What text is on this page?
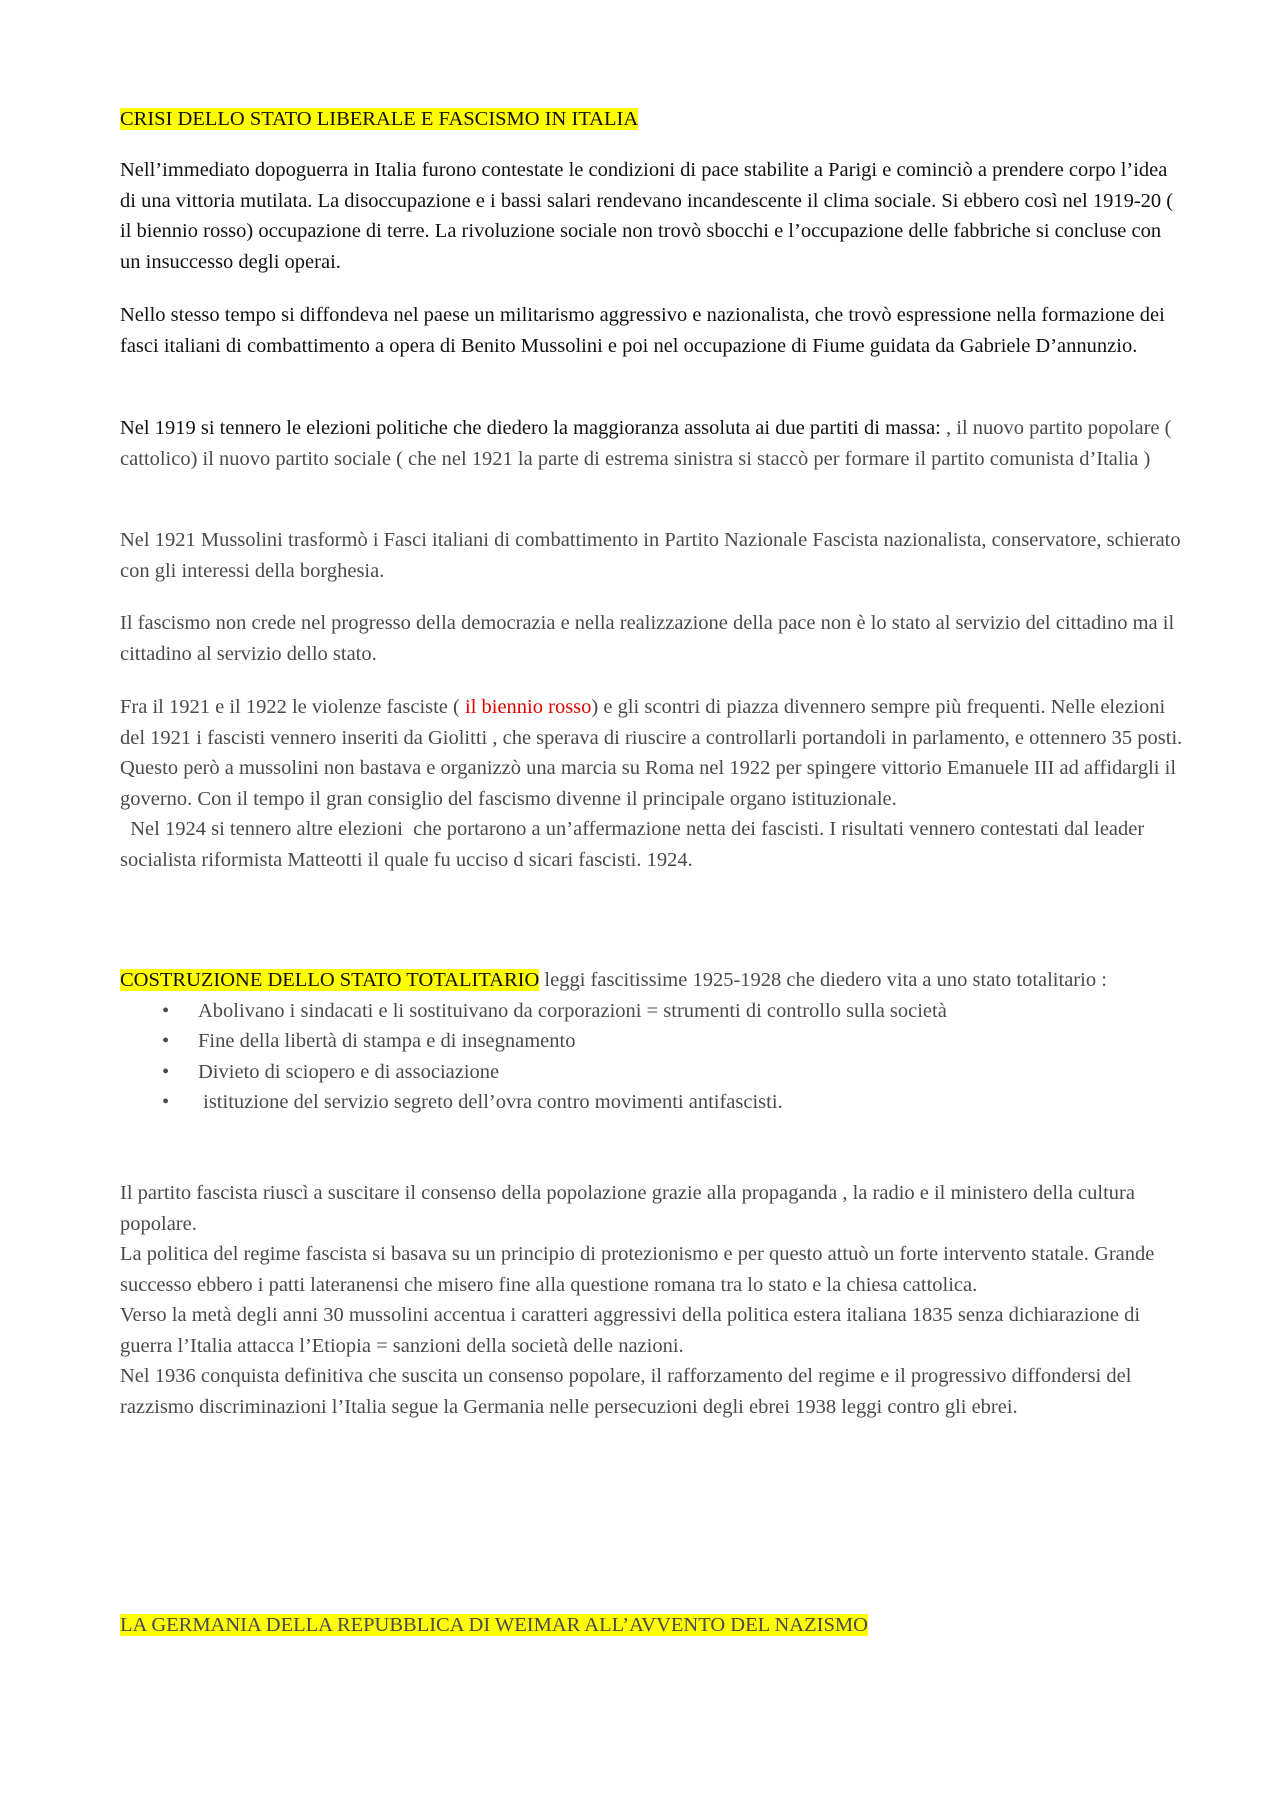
CRISI DELLO STATO LIBERALE E FASCISMO IN ITALIA

Nell’immediato dopoguerra in Italia furono contestate le condizioni di pace stabilite a Parigi e cominciò a prendere corpo l’idea di una vittoria mutilata. La disoccupazione e i bassi salari rendevano incandescente il clima sociale. Si ebbero così nel 1919-20 ( il biennio rosso) occupazione di terre. La rivoluzione sociale non trovò sbocchi e l’occupazione delle fabbriche si concluse con un insuccesso degli operai.

Nello stesso tempo si diffondeva nel paese un militarismo aggressivo e nazionalista, che trovò espressione nella formazione dei fasci italiani di combattimento a opera di Benito Mussolini e poi nel occupazione di Fiume guidata da Gabriele D’annunzio.

Nel 1919 si tennero le elezioni politiche che diedero la maggioranza assoluta ai due partiti di massa: , il nuovo partito popolare ( cattolico) il nuovo partito sociale ( che nel 1921 la parte di estrema sinistra si staccò per formare il partito comunista d’Italia )

Nel 1921 Mussolini trasformò i Fasci italiani di combattimento in Partito Nazionale Fascista nazionalista, conservatore, schierato con gli interessi della borghesia.

Il fascismo non crede nel progresso della democrazia e nella realizzazione della pace non è lo stato al servizio del cittadino ma il cittadino al servizio dello stato.

Fra il 1921 e il 1922 le violenze fasciste ( il biennio rosso) e gli scontri di piazza divennero sempre più frequenti. Nelle elezioni del 1921 i fascisti vennero inseriti da Giolitti , che sperava di riuscire a controllarli portandoli in parlamento, e ottennero 35 posti.
Questo però a mussolini non bastava e organizzò una marcia su Roma nel 1922 per spingere vittorio Emanuele III ad affidargli il governo. Con il tempo il gran consiglio del fascismo divenne il principale organo istituzionale.
Nel 1924 si tennero altre elezioni  che portarono a un’affermazione netta dei fascisti. I risultati vennero contestati dal leader socialista riformista Matteotti il quale fu ucciso d sicari fascisti. 1924.
COSTRUZIONE DELLO STATO TOTALITARIO leggi fascitissime 1925-1928 che diedero vita a uno stato totalitario :
• Abolivano i sindacati e li sostituivano da corporazioni = strumenti di controllo sulla società
• Fine della libertà di stampa e di insegnamento
• Divieto di sciopero e di associazione
•  istituzione del servizio segreto dell’ovra contro movimenti antifascisti.
Il partito fascista riuscì a suscitare il consenso della popolazione grazie alla propaganda , la radio e il ministero della cultura popolare.
La politica del regime fascista si basava su un principio di protezionismo e per questo attuò un forte intervento statale. Grande successo ebbero i patti lateranensi che misero fine alla questione romana tra lo stato e la chiesa cattolica.
Verso la metà degli anni 30 mussolini accentua i caratteri aggressivi della politica estera italiana 1835 senza dichiarazione di guerra l’Italia attacca l’Etiopia = sanzioni della società delle nazioni.
Nel 1936 conquista definitiva che suscita un consenso popolare, il rafforzamento del regime e il progressivo diffondersi del razzismo discriminazioni l’Italia segue la Germania nelle persecuzioni degli ebrei 1938 leggi contro gli ebrei.

LA GERMANIA DELLA REPUBBLICA DI WEIMAR ALL’AVVENTO DEL NAZISMO
